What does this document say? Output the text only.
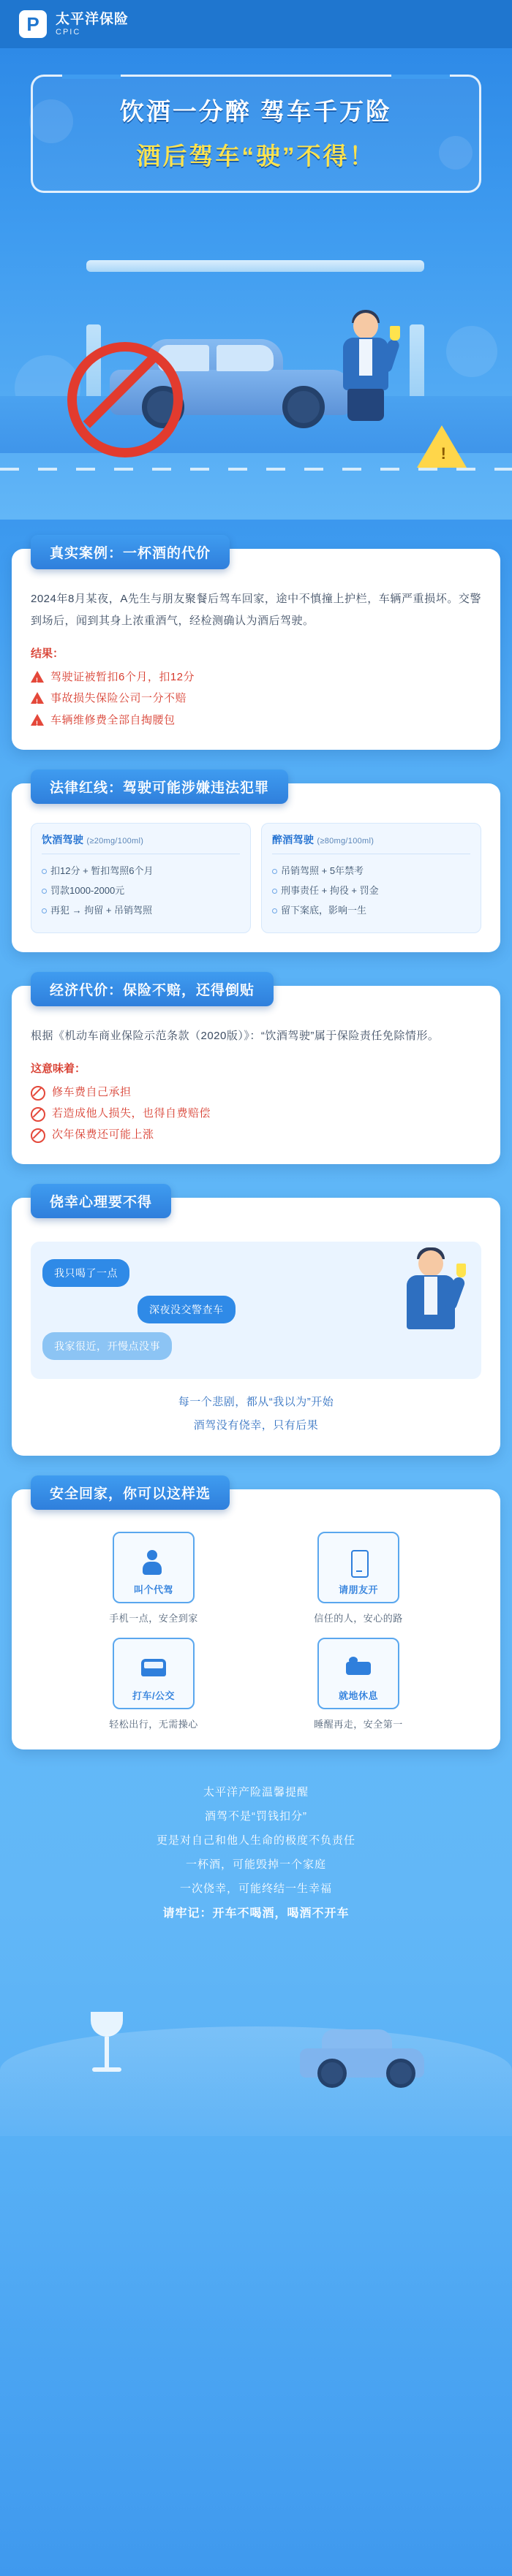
P	太平洋保险
CPIC
饮酒一分醉 驾车千万险
酒后驾车“驶”不得！
!
真实案例：一杯酒的代价
2024年8月某夜，A先生与朋友聚餐后驾车回家，途中不慎撞上护栏，车辆严重损坏。交警到场后，闻到其身上浓重酒气，经检测确认为酒后驾驶。
结果：
! 驾驶证被暂扣6个月，扣12分
! 事故损失保险公司一分不赔
! 车辆维修费全部自掏腰包
法律红线：驾驶可能涉嫌违法犯罪
饮酒驾驶 (≥20mg/100ml)
扣12分 + 暂扣驾照6个月
罚款1000-2000元
再犯 → 拘留 + 吊销驾照
醉酒驾驶 (≥80mg/100ml)
吊销驾照 + 5年禁考
刑事责任 + 拘役 + 罚金
留下案底，影响一生
经济代价：保险不赔，还得倒贴
根据《机动车商业保险示范条款（2020版）》：“饮酒驾驶”属于保险责任免除情形。
这意味着：
修车费自己承担
若造成他人损失，也得自费赔偿
次年保费还可能上涨
侥幸心理要不得
我只喝了一点
深夜没交警查车
我家很近，开慢点没事
每一个悲剧，都从“我以为”开始
酒驾没有侥幸，只有后果
安全回家，你可以这样选
叫个代驾
手机一点，安全到家
请朋友开
信任的人，安心的路
打车/公交
轻松出行，无需操心
就地休息
睡醒再走，安全第一

太平洋产险温馨提醒

酒驾不是“罚钱扣分”

更是对自己和他人生命的极度不负责任

一杯酒，可能毁掉一个家庭

一次侥幸，可能终结一生幸福

请牢记：开车不喝酒，喝酒不开车
